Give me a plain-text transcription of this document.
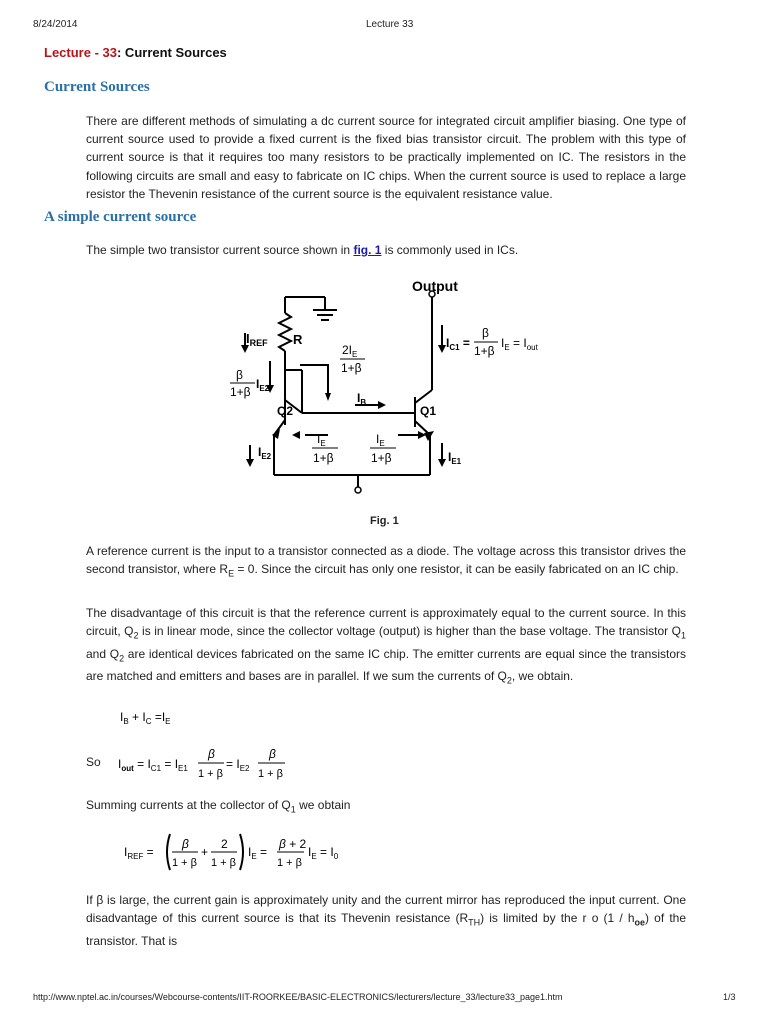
8/24/2014	Lecture 33
Lecture - 33: Current Sources
Current Sources

There are different methods of simulating a dc current source for integrated circuit amplifier biasing. One type of current source used to provide a fixed current is the fixed bias transistor circuit. The problem with this type of current source is that it requires too many resistors to be practically implemented on IC. The resistors in the following circuits are small and easy to fabricate on IC chips. When the current source is used to replace a large resistor the Thevenin resistance of the current source is the equivalent resistance value.

A simple current source

The simple two transistor current source shown in fig. 1 is commonly used in ICs.

Output
$I_{REF}$ R
$2I_E$
1+β
β
1+β
$I_{E2}$
Q2	Q1
$I_B$
$I_{E2}$	$I_{E1}$
$I_E$
1+β
$I_E$
1+β
$I_{C1}$ =
β
1+β
$I_E = I_{out}$
Fig. 1

A reference current is the input to a transistor connected as a diode. The voltage across this transistor drives the second transistor, where $R_E = 0$. Since the circuit has only one resistor, it can be easily fabricated on an IC chip.

The disadvantage of this circuit is that the reference current is approximately equal to the current source. In this circuit, $Q_2$ is in linear mode, since the collector voltage (output) is higher than the base voltage. The transistor $Q_1$ and $Q_2$ are identical devices fabricated on the same IC chip. The emitter currents are equal since the transistors are matched and emitters and bases are in parallel. If we sum the currents of $Q_2$, we obtain.

$I_B + I_C =I_E$
So $I_{out} = I_{C1} = I_{E1}$
β
1 + β
= $I_{E2}$
β
1 + β

Summing currents at the collector of $Q_1$ we obtain

$I_{REF}$ =
β
1 + β
+
2
1 + β
$I_E$ =
β + 2
1 + β
$I_E = I_0$

If β is large, the current gain is approximately unity and the current mirror has reproduced the input current. One disadvantage of this current source is that its Thevenin resistance $(R_{TH})$ is limited by the r o $(1 / h_{oe})$ of the transistor. That is

http://www.nptel.ac.in/courses/Webcourse-contents/IIT-ROORKEE/BASIC-ELECTRONICS/lecturers/lecture_33/lecture33_page1.htm	1/3
